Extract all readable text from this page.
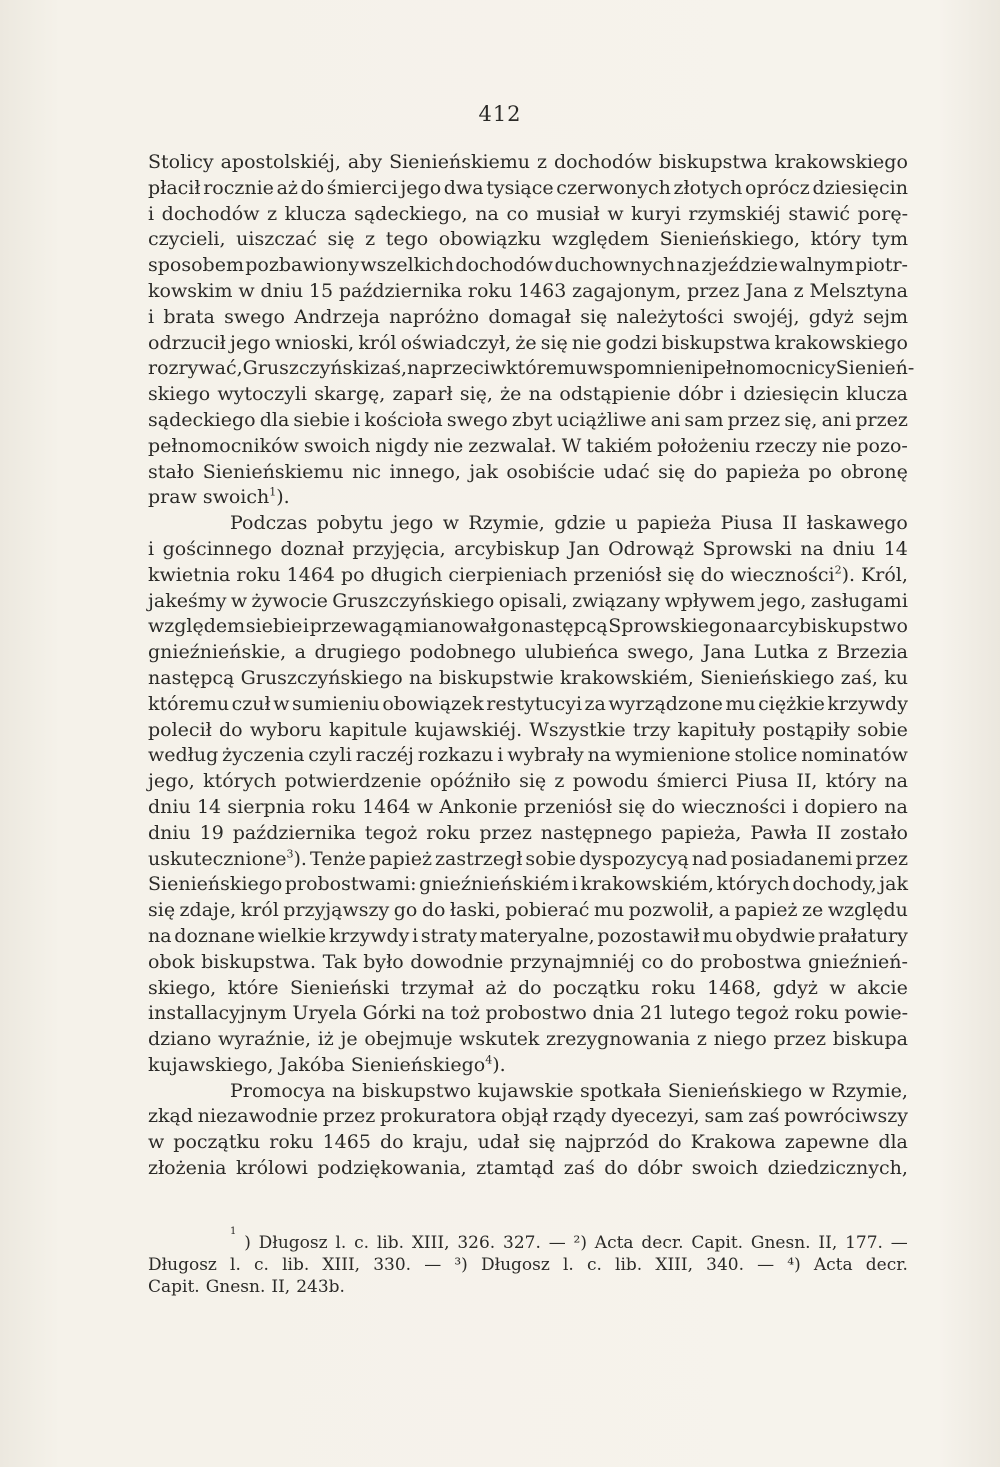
412
Stolicy apostolskiéj, aby Sienieńskiemu z dochodów biskupstwa krakowskiego
płacił rocznie aż do śmierci jego dwa tysiące czerwonych złotych oprócz dziesięcin
i dochodów z klucza sądeckiego, na co musiał w kuryi rzymskiéj stawić porę-
czycieli, uiszczać się z tego obowiązku względem Sienieńskiego, który tym
sposobem pozbawiony wszelkich dochodów duchownych na zjeździe walnym piotr-
kowskim w dniu 15 października roku 1463 zagajonym, przez Jana z Melsztyna
i brata swego Andrzeja napróżno domagał się należytości swojéj, gdyż sejm
odrzucił jego wnioski, król oświadczył, że się nie godzi biskupstwa krakowskiego
rozrywać, Gruszczyński zaś, naprzeciw któremu wspomnieni pełnomocnicy Sienień-
skiego wytoczyli skargę, zaparł się, że na odstąpienie dóbr i dziesięcin klucza
sądeckiego dla siebie i kościoła swego zbyt uciążliwe ani sam przez się, ani przez
pełnomocników swoich nigdy nie zezwalał. W takiém położeniu rzeczy nie pozo-
stało Sienieńskiemu nic innego, jak osobiście udać się do papieża po obronę
praw swoich$^1$).
Podczas pobytu jego w Rzymie, gdzie u papieża Piusa II łaskawego
i gościnnego doznał przyjęcia, arcybiskup Jan Odrowąż Sprowski na dniu 14
kwietnia roku 1464 po długich cierpieniach przeniósł się do wieczności$^2$). Król,
jakeśmy w żywocie Gruszczyńskiego opisali, związany wpływem jego, zasługami
względem siebie i przewagą mianował go następcą Sprowskiego na arcybiskupstwo
gnieźnieńskie, a drugiego podobnego ulubieńca swego, Jana Lutka z Brzezia
następcą Gruszczyńskiego na biskupstwie krakowskiém, Sienieńskiego zaś, ku
któremu czuł w sumieniu obowiązek restytucyi za wyrządzone mu ciężkie krzywdy
polecił do wyboru kapitule kujawskiéj. Wszystkie trzy kapituły postąpiły sobie
według życzenia czyli raczéj rozkazu i wybrały na wymienione stolice nominatów
jego, których potwierdzenie opóźniło się z powodu śmierci Piusa II, który na
dniu 14 sierpnia roku 1464 w Ankonie przeniósł się do wieczności i dopiero na
dniu 19 października tegoż roku przez następnego papieża, Pawła II zostało
uskutecznione$^3$). Tenże papież zastrzegł sobie dyspozycyą nad posiadanemi przez
Sienieńskiego probostwami: gnieźnieńskiém i krakowskiém, których dochody, jak
się zdaje, król przyjąwszy go do łaski, pobierać mu pozwolił, a papież ze względu
na doznane wielkie krzywdy i straty materyalne, pozostawił mu obydwie prałatury
obok biskupstwa. Tak było dowodnie przynajmniéj co do probostwa gnieźnień-
skiego, które Sienieński trzymał aż do początku roku 1468, gdyż w akcie
installacyjnym Uryela Górki na toż probostwo dnia 21 lutego tegoż roku powie-
dziano wyraźnie, iż je obejmuje wskutek zrezygnowania z niego przez biskupa
kujawskiego, Jakóba Sienieńskiego$^4$).
Promocya na biskupstwo kujawskie spotkała Sienieńskiego w Rzymie,
zkąd niezawodnie przez prokuratora objął rządy dyecezyi, sam zaś powróciwszy
w początku roku 1465 do kraju, udał się najprzód do Krakowa zapewne dla
złożenia królowi podziękowania, ztamtąd zaś do dóbr swoich dziedzicznych,
1
) Długosz l. c. lib. XIII, 326. 327. — ²) Acta decr. Capit. Gnesn. II, 177. —
Długosz l. c. lib. XIII, 330. — ³) Długosz l. c. lib. XIII, 340. — ⁴) Acta decr.
Capit. Gnesn. II, 243b.
